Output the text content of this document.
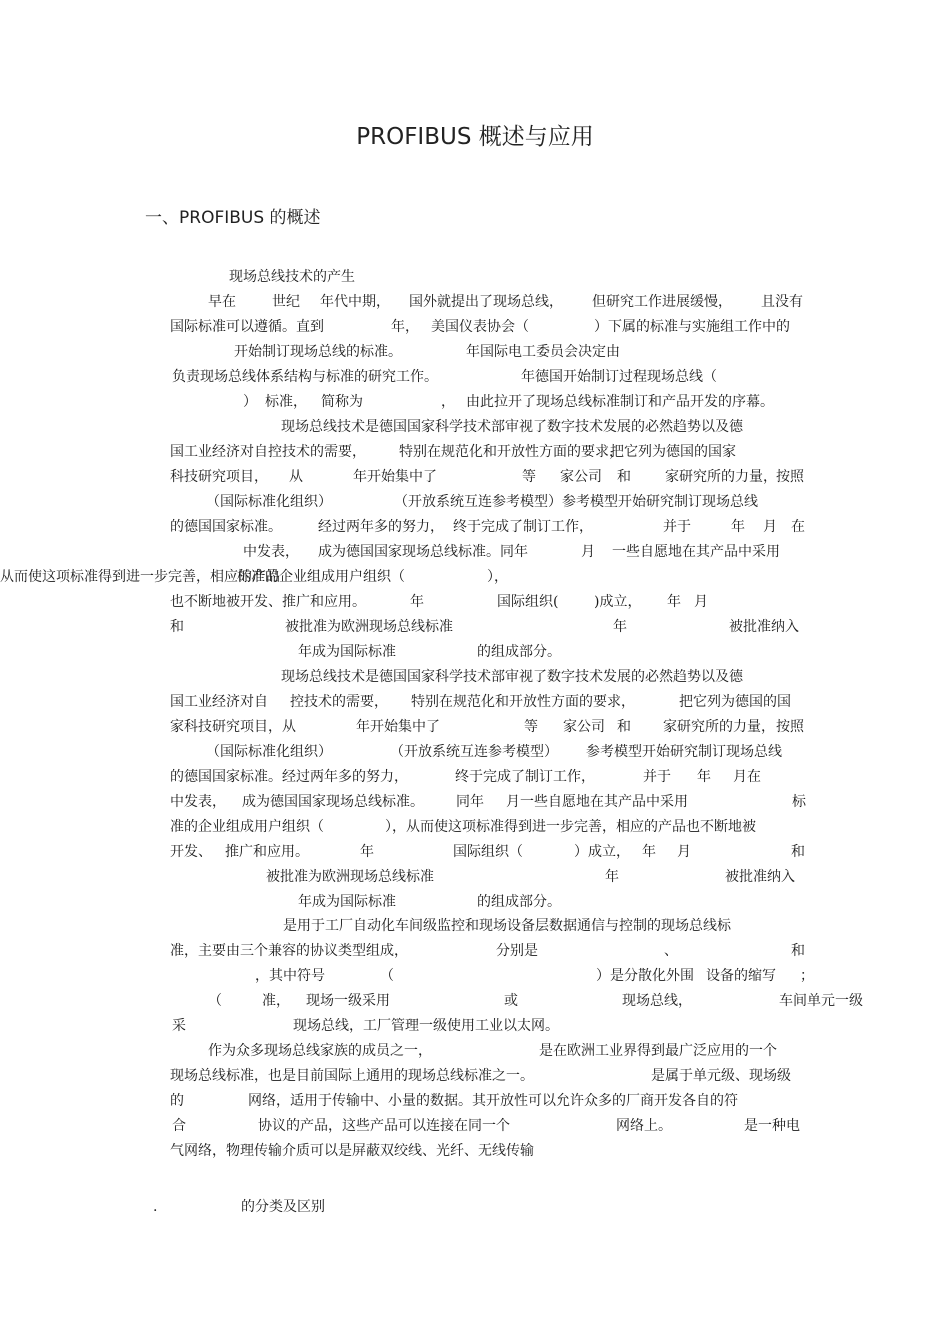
PROFIBUS 概述与应用
一、PROFIBUS 的概述
现场总线技术的产生
早在	世纪 年代中期， 国外就提出了现场总线， 但研究工作进展缓慢， 且没有
国际标准可以遵循。直到	年， 美国仪表协会（	）下属的标准与实施组工作中的
开始制订现场总线的标准。	年国际电工委员会决定由
负责现场总线体系结构与标准的研究工作。	年德国开始制订过程现场总线（
） 标准， 简称为	， 由此拉开了现场总线标准制订和产品开发的序幕。
现场总线技术是德国国家科学技术部审视了数字技术发展的必然趋势以及德
国工业经济对自控技术的需要， 特别在规范化和开放性方面的要求，
把它列为德国的国家
科技研究项目， 从	年开始集中了	等 家公司 和 家研究所的力量， 按照
（国际标准化组织）	（开放系统互连参考模型）参考模型开始研究制订现场总线
的德国国家标准。	经过两年多的努力， 终于完成了制订工作，	并于	年 月 在
中发表， 成为德国国家现场总线标准。同年	月 一些自愿地在其产品中采用
标准的企业组成用户组织（	），
从而使这项标准得到进一步完善，相应的产品
也不断地被开发、推广和应用。	年	国际组织(	)成立， 年 月
和	被批准为欧洲现场总线标准	年	被批准纳入
年成为国际标准	的组成部分。
现场总线技术是德国国家科学技术部审视了数字技术发展的必然趋势以及德
国工业经济对自 控技术的需要， 特别在规范化和开放性方面的要求，	把它列为德国的国
家科技研究项目，从	年开始集中了	等 家公司 和 家研究所的力量， 按照
（国际标准化组织）	（开放系统互连参考模型） 参考模型开始研究制订现场总线
的德国国家标准。经过两年多的努力，	终于完成了制订工作，	并于 年 月在
中发表， 成为德国国家现场总线标准。 同年 月一些自愿地在其产品中采用	标
准的企业组成用户组织（	），从而使这项标准得到进一步完善，相应的产品也不断地被
开发、 推广和应用。	年	国际组织（	）成立， 年 月	和
被批准为欧洲现场总线标准	年	被批准纳入
年成为国际标准	的组成部分。
是用于工厂自动化车间级监控和现场设备层数据通信与控制的现场总线标
准，主要由三个兼容的协议类型组成，	分别是	、	和
，其中符号	（	）是分散化外围 设备的 缩写 ；
（	准， 现场一级采用	或	现场总线，	车间单元一级
采	现场总线，工厂管理一级使用工业以太网。
作为众多现场总线家族的成员之一，	是在欧洲工业界得到最广泛应用的一个
现场总线标准，也是目前国际上通用的现场总线标准之一。	是属于单元级、现场级
的	网络，适用于传输中、小量的数据。其开放性可以允许众多的厂商开发各自的符
合	协议的产品，这些产品可以连接在同一个	网络上。	是一种电
气网络，物理传输介质可以是屏蔽双绞线、光纤、无线传输
.	的分类及区别
